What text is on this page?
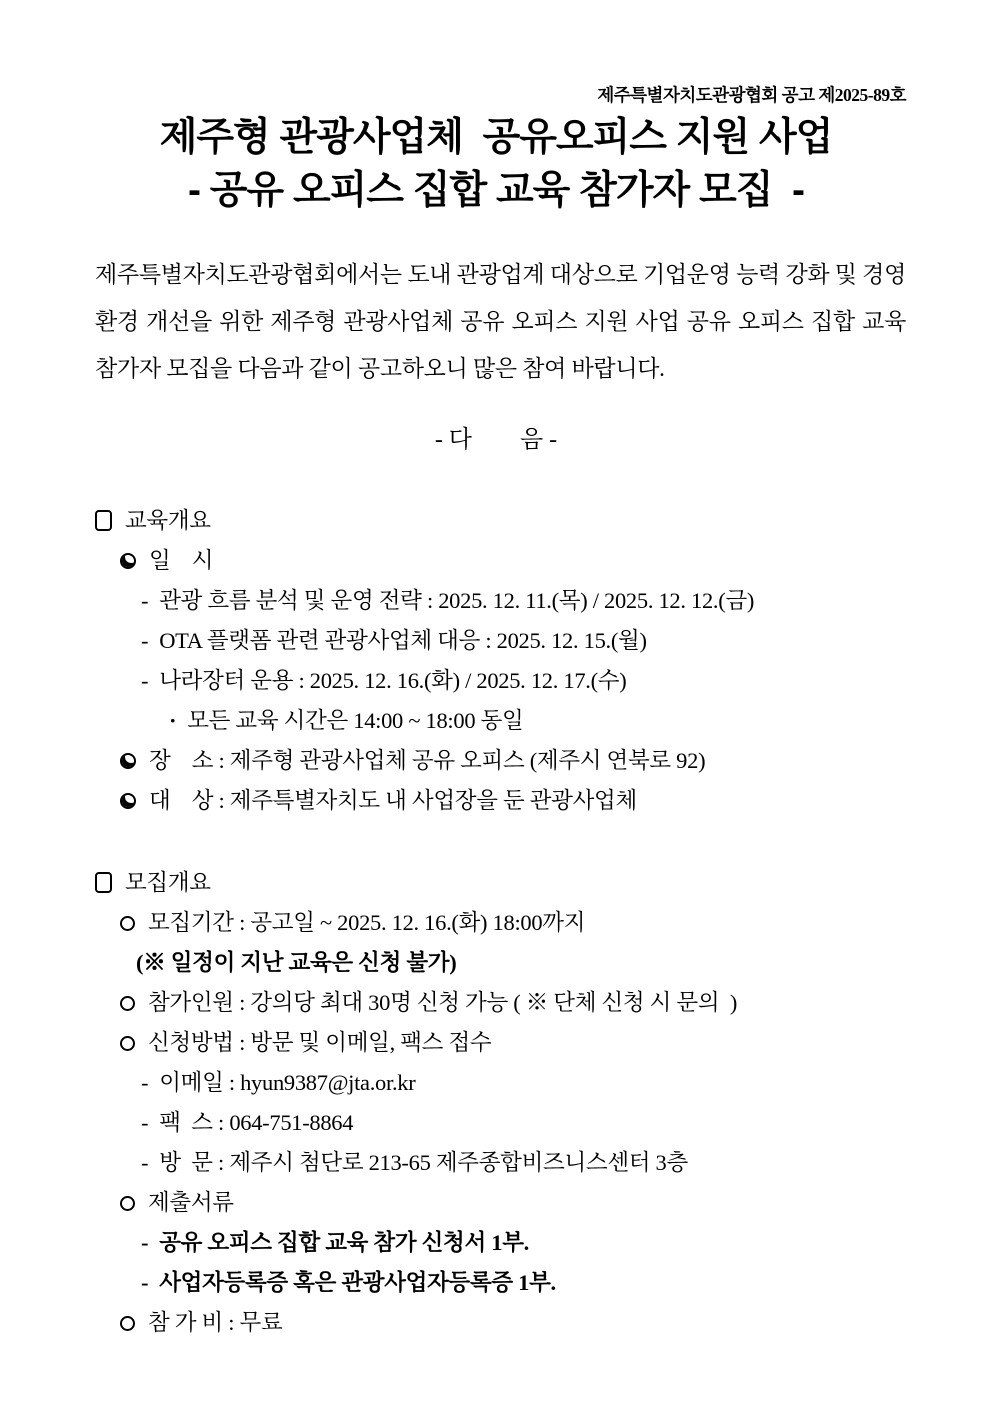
제주특별자치도관광협회 공고 제2025-89호
제주형 관광사업체  공유오피스 지원 사업
- 공유 오피스 집합 교육 참가자 모집  -

제주특별자치도관광협회에서는 도내 관광업계 대상으로 기업운영 능력 강화 및 경영 환경 개선을 위한 제주형 관광사업체 공유 오피스 지원 사업 공유 오피스 집합 교육 참가자 모집을 다음과 같이 공고하오니 많은 참여 바랍니다.

- 다        음 -
교육개요
일    시
- 관광 흐름 분석 및 운영 전략 : 2025. 12. 11.(목) / 2025. 12. 12.(금)
- OTA 플랫폼 관련 관광사업체 대응 : 2025. 12. 15.(월)
- 나라장터 운용 : 2025. 12. 16.(화) / 2025. 12. 17.(수)
· 모든 교육 시간은 14:00 ~ 18:00 동일
장    소 : 제주형 관광사업체 공유 오피스 (제주시 연북로 92)
대    상 : 제주특별자치도 내 사업장을 둔 관광사업체
모집개요
모집기간 : 공고일 ~ 2025. 12. 16.(화) 18:00까지
(※ 일정이 지난 교육은 신청 불가)
참가인원 : 강의당 최대 30명 신청 가능 ( ※ 단체 신청 시 문의  )
신청방법 : 방문 및 이메일, 팩스 접수
- 이메일 : hyun9387@jta.or.kr
- 팩  스 : 064-751-8864
- 방  문 : 제주시 첨단로 213-65 제주종합비즈니스센터 3층
제출서류
- 공유 오피스 집합 교육 참가 신청서 1부.
- 사업자등록증 혹은 관광사업자등록증 1부.
참 가 비 : 무료
